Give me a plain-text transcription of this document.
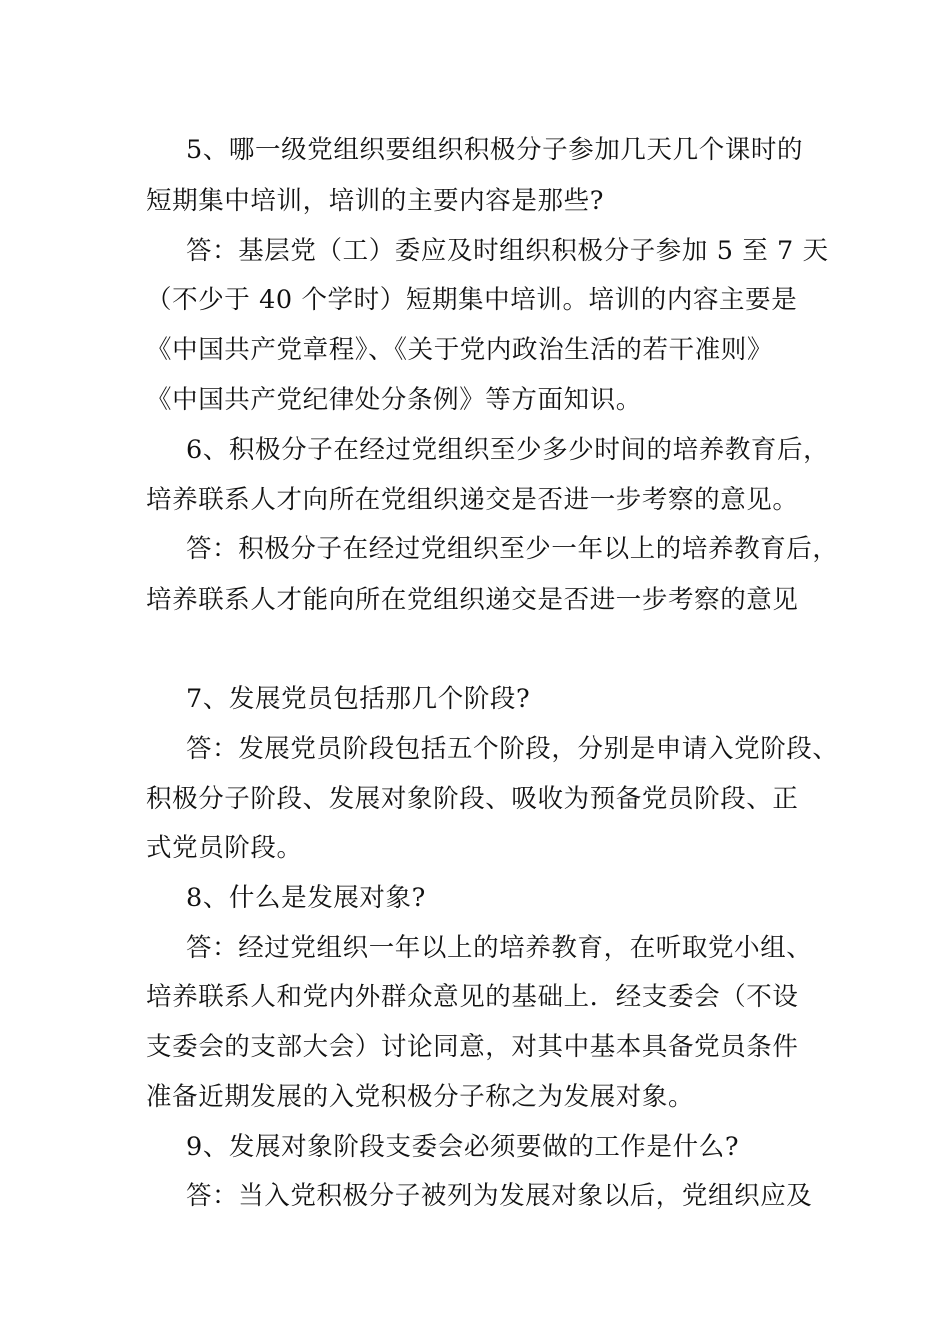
5、哪一级党组织要组织积极分子参加几天几个课时的
短期集中培训，培训的主要内容是那些?
答：基层党（工）委应及时组织积极分子参加 5 至 7 天
（不少于 40 个学时）短期集中培训。培训的内容主要是
《中国共产党章程》、《关于党内政治生活的若干准则》
《中国共产党纪律处分条例》等方面知识。
6、积极分子在经过党组织至少多少时间的培养教育后，
培养联系人才向所在党组织递交是否进一步考察的意见。
答：积极分子在经过党组织至少一年以上的培养教育后，
培养联系人才能向所在党组织递交是否进一步考察的意见
7、发展党员包括那几个阶段?
答：发展党员阶段包括五个阶段，分别是申请入党阶段、
积极分子阶段、发展对象阶段、吸收为预备党员阶段、正
式党员阶段。
8、什么是发展对象?
答：经过党组织一年以上的培养教育，在听取党小组、
培养联系人和党内外群众意见的基础上．经支委会（不设
支委会的支部大会）讨论同意，对其中基本具备党员条件
准备近期发展的入党积极分子称之为发展对象。
9、发展对象阶段支委会必须要做的工作是什么?
答：当入党积极分子被列为发展对象以后，党组织应及
